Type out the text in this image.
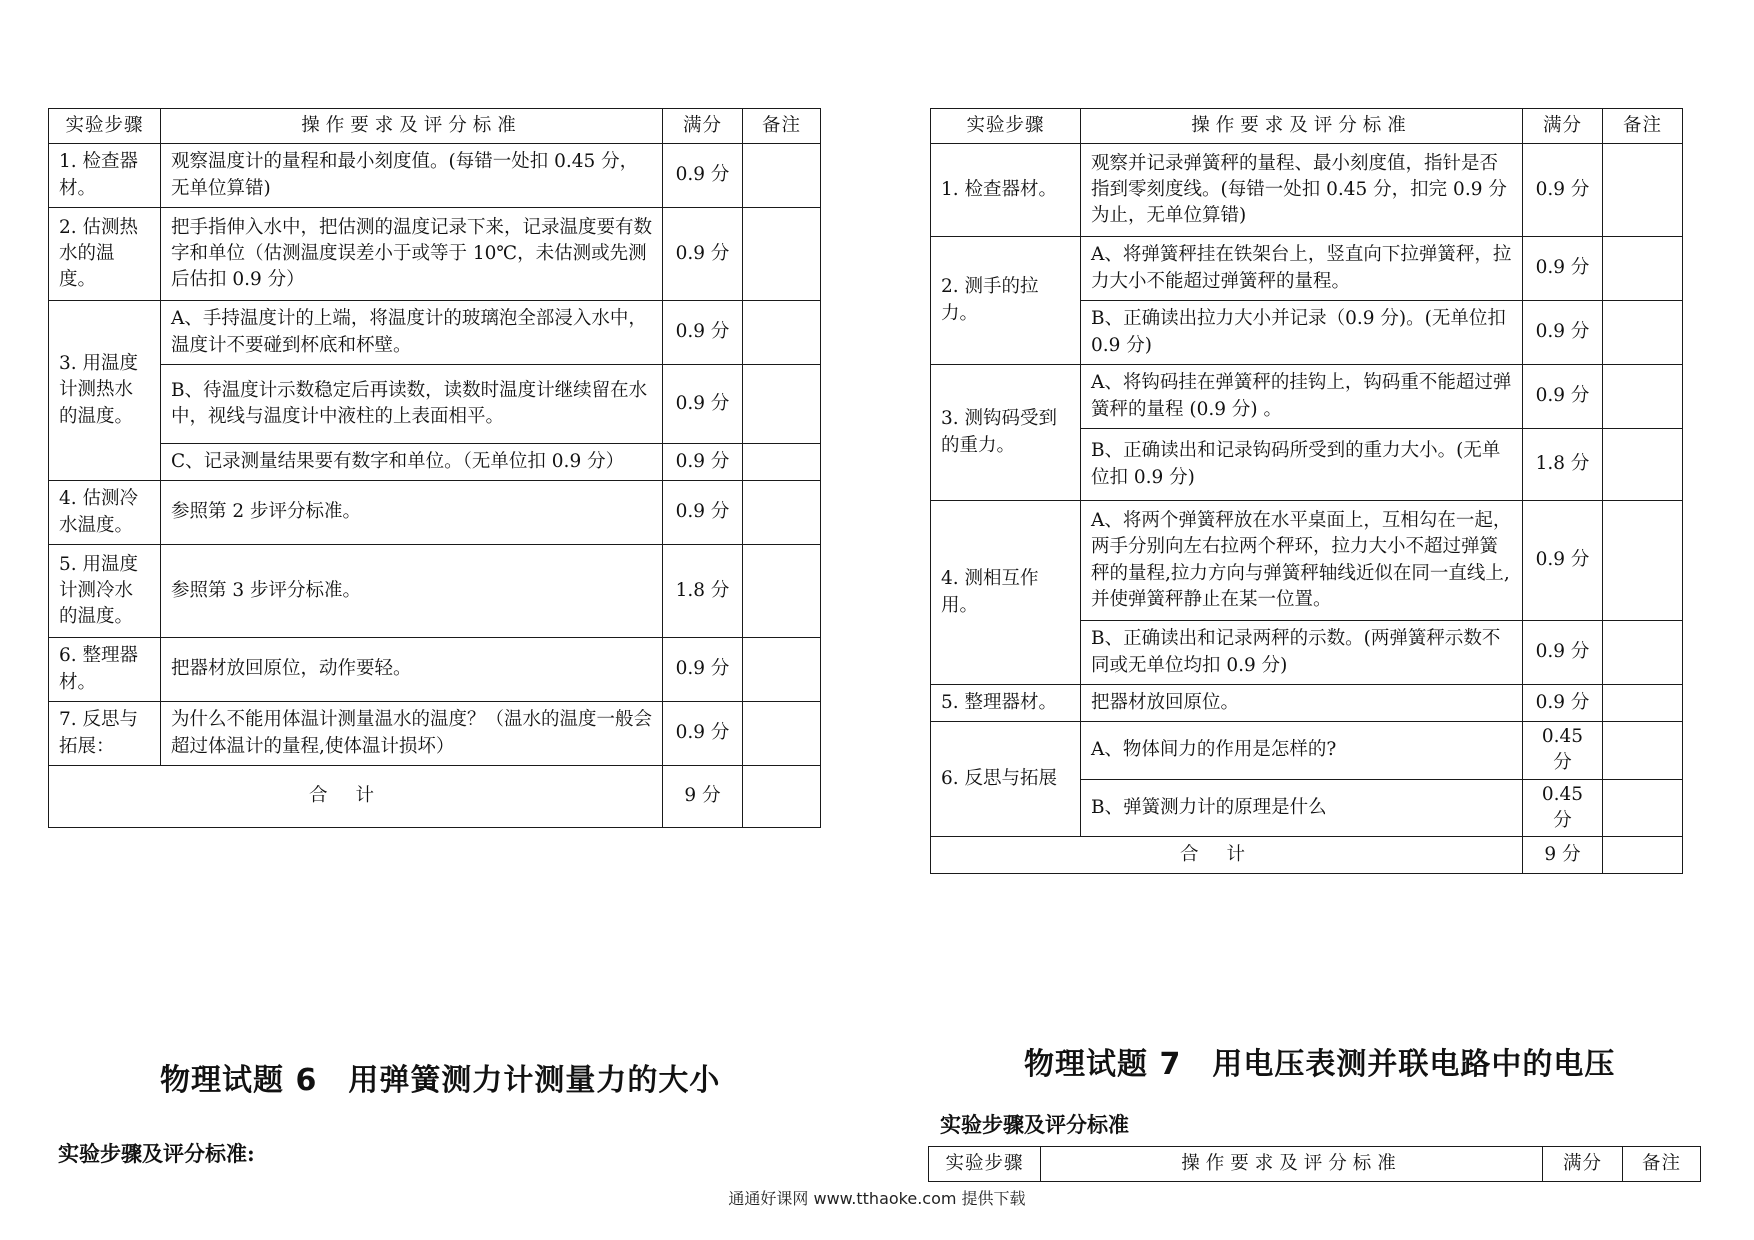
实验步骤	操作要求及评分标准	满分	备注
1. 检查器材。	观察温度计的量程和最小刻度值。(每错一处扣 0.45 分，无单位算错)	0.9 分	
2. 估测热水的温度。	把手指伸入水中，把估测的温度记录下来，记录温度要有数字和单位（估测温度误差小于或等于 10℃，未估测或先测后估扣 0.9 分）	0.9 分	
3. 用温度计测热水的温度。	A、手持温度计的上端，将温度计的玻璃泡全部浸入水中，温度计不要碰到杯底和杯壁。	0.9 分	
	B、待温度计示数稳定后再读数，读数时温度计继续留在水中，视线与温度计中液柱的上表面相平。	0.9 分	
	C、记录测量结果要有数字和单位。（无单位扣 0.9 分）	0.9 分	
4. 估测冷水温度。	参照第 2 步评分标准。	0.9 分	
5. 用温度计测冷水的温度。	参照第 3 步评分标准。	1.8 分	
6. 整理器材。	把器材放回原位，动作要轻。	0.9 分	
7. 反思与拓展：	为什么不能用体温计测量温水的温度？（温水的温度一般会超过体温计的量程,使体温计损坏）	0.9 分	
合计		9 分	
实验步骤	操作要求及评分标准	满分	备注
1. 检查器材。	观察并记录弹簧秤的量程、最小刻度值，指针是否指到零刻度线。(每错一处扣 0.45 分，扣完 0.9 分为止，无单位算错)	0.9 分	
2. 测手的拉力。	A、将弹簧秤挂在铁架台上，竖直向下拉弹簧秤，拉力大小不能超过弹簧秤的量程。	0.9 分	
	B、正确读出拉力大小并记录（0.9 分)。(无单位扣 0.9 分)	0.9 分	
3. 测钩码受到的重力。	A、将钩码挂在弹簧秤的挂钩上，钩码重不能超过弹簧秤的量程 (0.9 分) 。	0.9 分	
	B、正确读出和记录钩码所受到的重力大小。(无单位扣 0.9 分)	1.8 分	
4. 测相互作用。	A、将两个弹簧秤放在水平桌面上，互相勾在一起，两手分别向左右拉两个秤环，拉力大小不超过弹簧秤的量程,拉力方向与弹簧秤轴线近似在同一直线上,并使弹簧秤静止在某一位置。	0.9 分	
	B、正确读出和记录两秤的示数。(两弹簧秤示数不同或无单位均扣 0.9 分)	0.9 分	
5. 整理器材。	把器材放回原位。	0.9 分	
6. 反思与拓展	A、物体间力的作用是怎样的?	0.45 分	
	B、弹簧测力计的原理是什么	0.45 分	
合计		9 分	
物理试题 6　用弹簧测力计测量力的大小
实验步骤及评分标准:
物理试题 7　用电压表测并联电路中的电压
实验步骤及评分标准
实验步骤	操作要求及评分标准	满分	备注
通通好课网 www.tthaoke.com 提供下载
